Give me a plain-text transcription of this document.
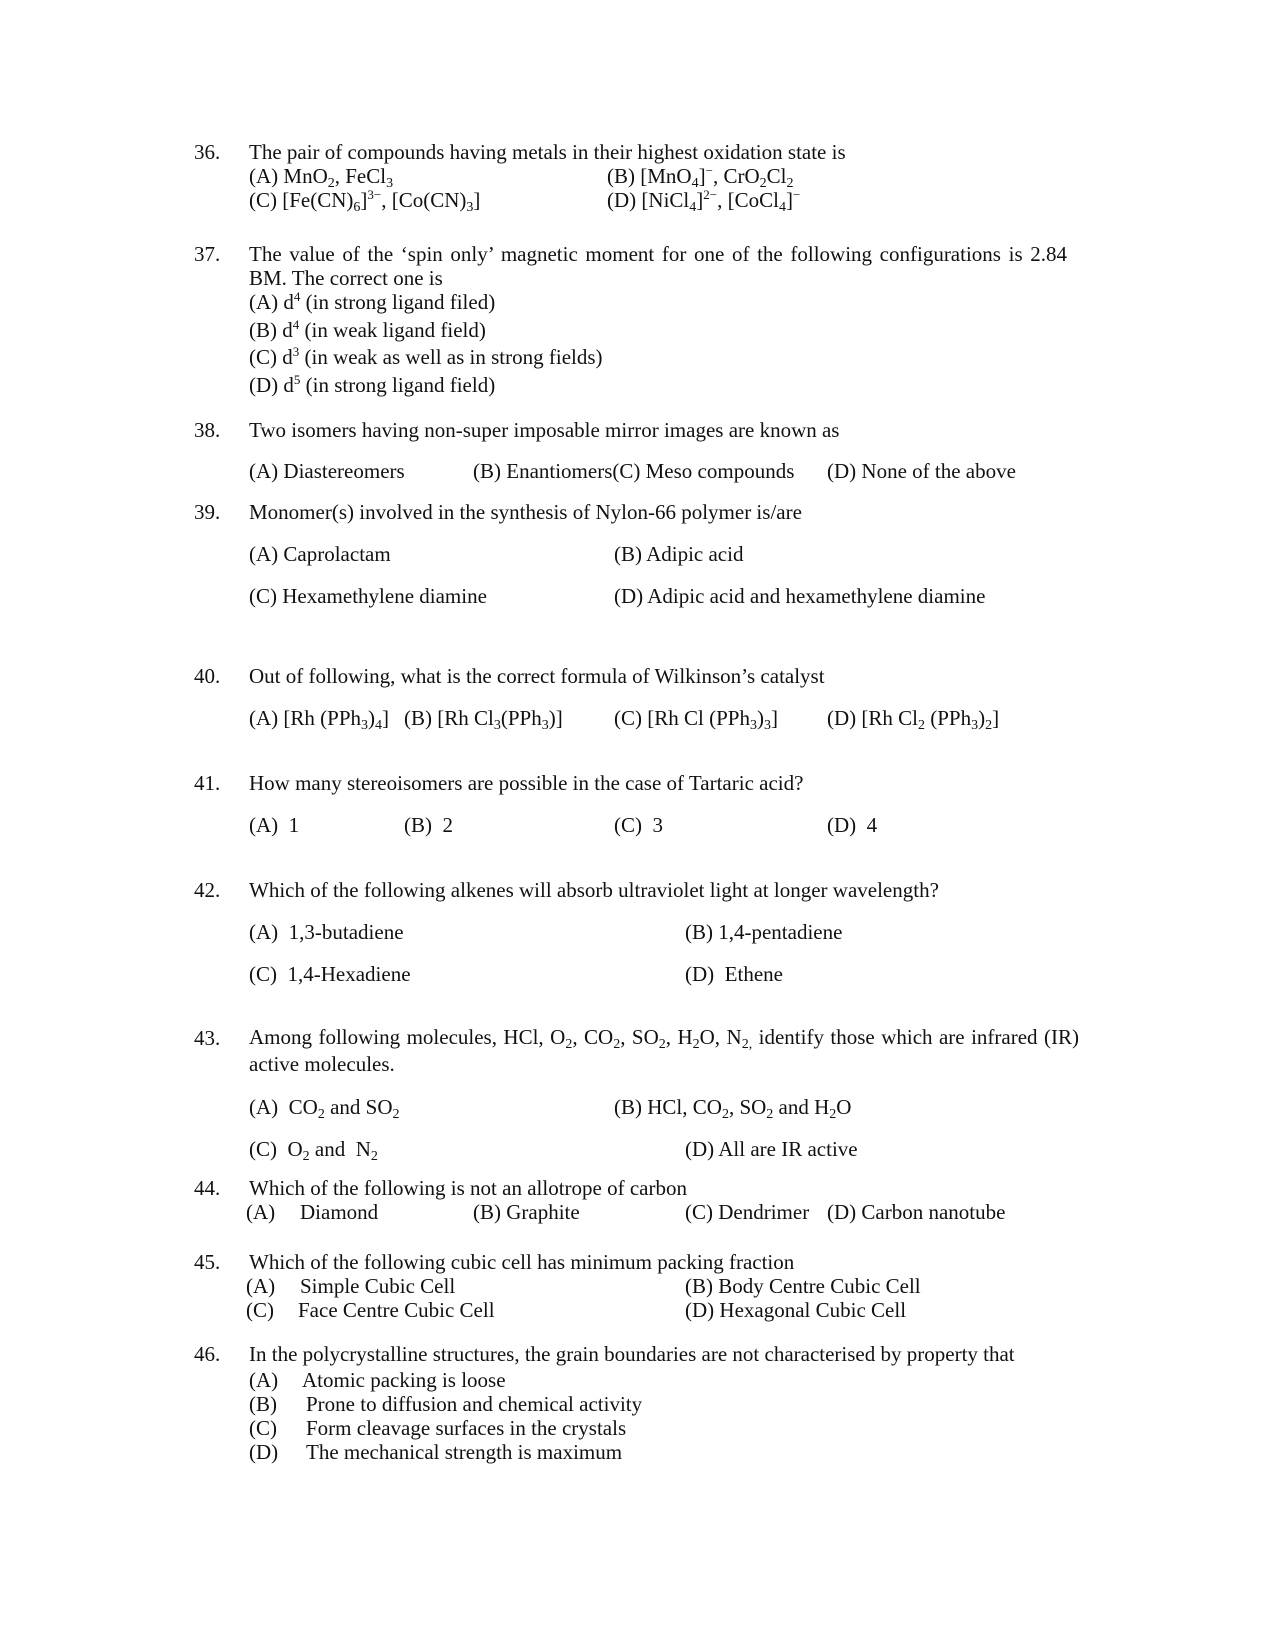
36. The pair of compounds having metals in their highest oxidation state is
(A) MnO$_2$, FeCl$_3$	(B) [MnO$_4$]−, $CrO_2Cl_2$
(C) $[Fe(CN)_6]^{3-}$, $[Co(CN)_3]$	(D) [NiCl$_4$]$^{2-}$, [CoCl$_4$]−
37. The value of the ‘spin only’ magnetic moment for one of the following configurations is 2.84 BM. The correct one is
(A) $d^4$ (in strong ligand filed)
(B) $d^4$ (in weak ligand field)
(C) $d^3$ (in weak as well as in strong fields)
(D) $d^5$ (in strong ligand field)
38. Two isomers having non-super imposable mirror images are known as
(A) Diastereomers	(B) Enantiomers(C) Meso compounds (D) None of the above
39. Monomer(s) involved in the synthesis of Nylon-66 polymer is/are
(A) Caprolactam	(B) Adipic acid
(C) Hexamethylene diamine	(D) Adipic acid and hexamethylene diamine
40. Out of following, what is the correct formula of Wilkinson’s catalyst
(A) [Rh $(PPh_3)_4$] (B) [Rh $Cl_3(PPh_3)$] (C) [Rh Cl $(PPh_3)_3$] (D) [Rh $Cl_2$ $(PPh_3)_2$]
41. How many stereoisomers are possible in the case of Tartaric acid?
(A)  1	(B)  2	(C)  3	(D)  4
42. Which of the following alkenes will absorb ultraviolet light at longer wavelength?
(A)  1,3-butadiene	(B) 1,4-pentadiene
(C)  1,4-Hexadiene	(D)  Ethene
43. Among following molecules, HCl, $O_2$, $CO_2$, $SO_2$, $H_2O$, $N_{2,}$ identify those which are infrared (IR) active molecules.
(A)  $CO_2$ and $SO_2$	(B) HCl, $CO_2$, $SO_2$ and $H_2O$
(C)  $O_2$ and  $N_2$	(D) All are IR active
44. Which of the following is not an allotrope of carbon
(A) Diamond	(B) Graphite	(C) Dendrimer (D) Carbon nanotube
45. Which of the following cubic cell has minimum packing fraction
(A) Simple Cubic Cell	(B) Body Centre Cubic Cell
(C) Face Centre Cubic Cell	(D) Hexagonal Cubic Cell
46. In the polycrystalline structures, the grain boundaries are not characterised by property that
(A) Atomic packing is loose
(B) Prone to diffusion and chemical activity
(C) Form cleavage surfaces in the crystals
(D) The mechanical strength is maximum
